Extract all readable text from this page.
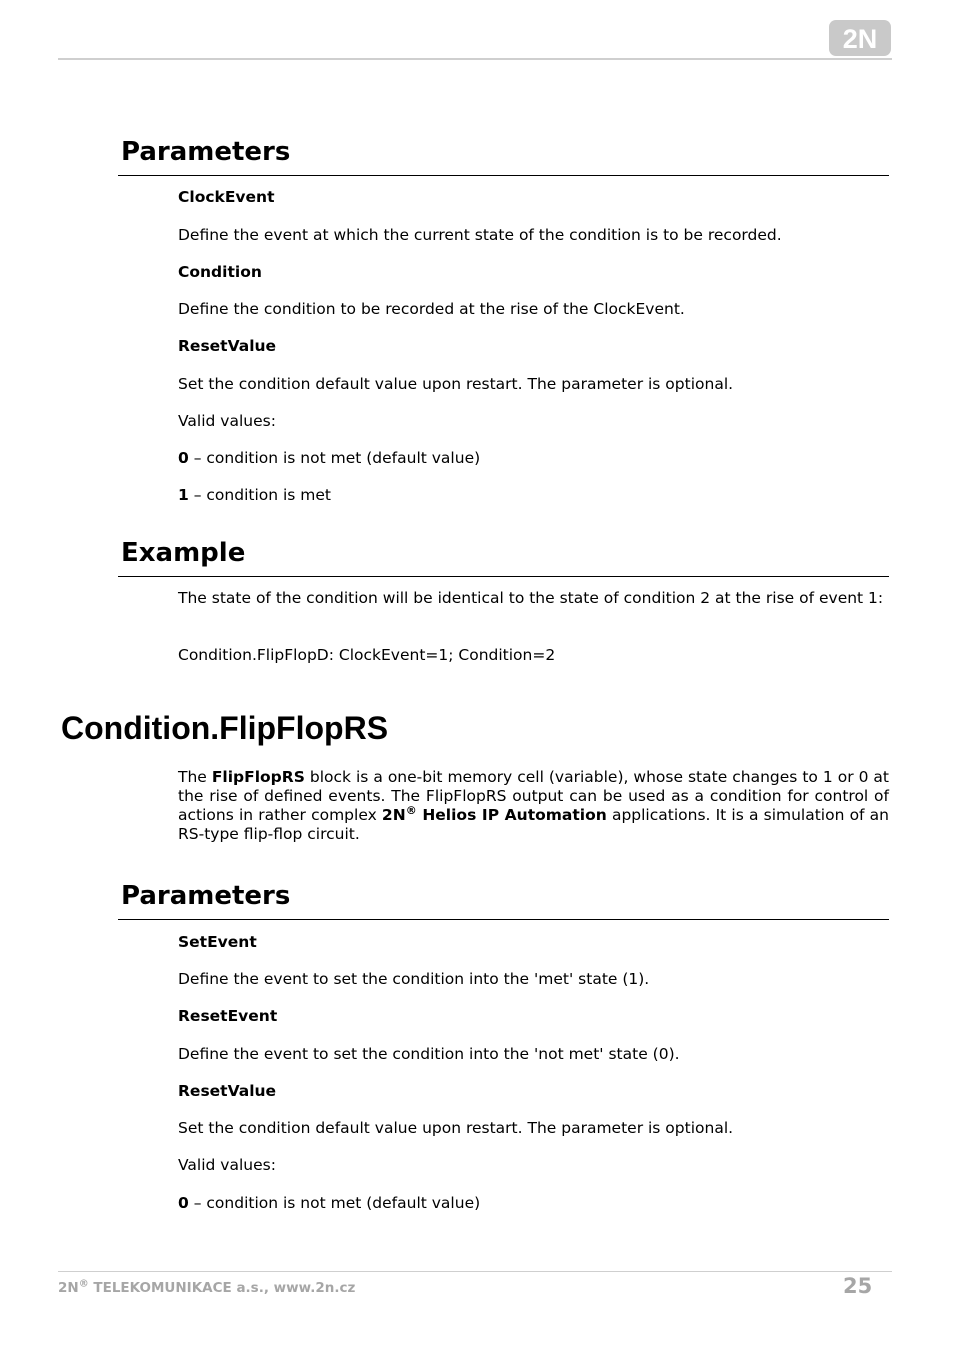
2N
Parameters
ClockEvent
Define the event at which the current state of the condition is to be recorded.
Condition
Define the condition to be recorded at the rise of the ClockEvent.
ResetValue
Set the condition default value upon restart. The parameter is optional.
Valid values:
0 – condition is not met (default value)
1 – condition is met
Example
The state of the condition will be identical to the state of condition 2 at the rise of event 1:
Condition.FlipFlopD: ClockEvent=1; Condition=2
Condition.FlipFlopRS
The FlipFlopRS block is a one-bit memory cell (variable), whose state changes to 1 or 0 at the rise of defined events. The FlipFlopRS output can be used as a condition for control of actions in rather complex 2N® Helios IP Automation applications. It is a simulation of an RS-type flip-flop circuit.
Parameters
SetEvent
Define the event to set the condition into the 'met' state (1).
ResetEvent
Define the event to set the condition into the 'not met' state (0).
ResetValue
Set the condition default value upon restart. The parameter is optional.
Valid values:
0 – condition is not met (default value)
2N® TELEKOMUNIKACE a.s., www.2n.cz	25
